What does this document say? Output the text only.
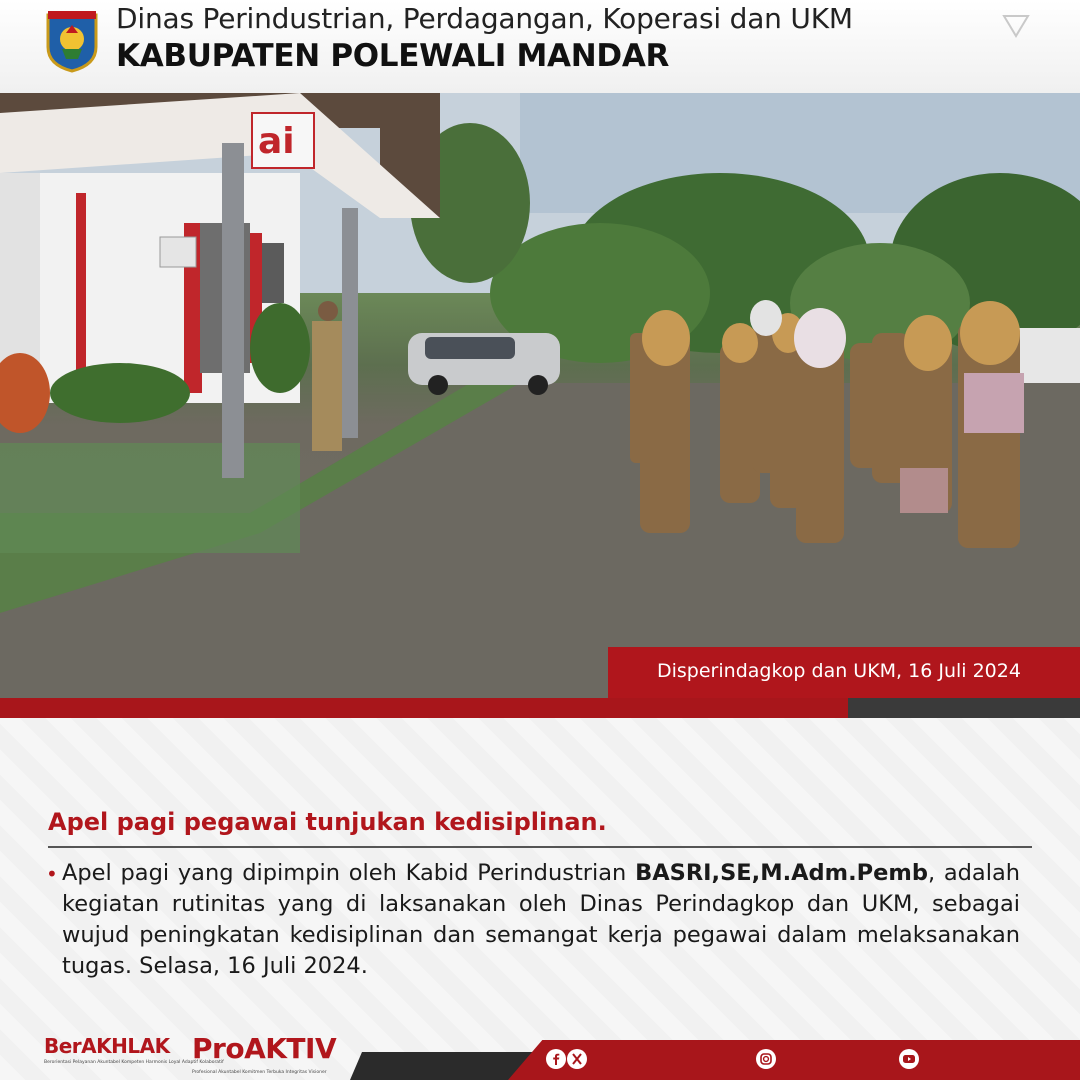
Dinas Perindustrian, Perdagangan, Koperasi dan UKM
KABUPATEN POLEWALI MANDAR
ai
Disperindagkop dan UKM, 16 Juli 2024
Apel pagi pegawai tunjukan kedisiplinan.
• Apel pagi yang dipimpin oleh Kabid Perindustrian BASRI,SE,M.Adm.Pemb, adalah kegiatan rutinitas yang di laksanakan oleh Dinas Perindagkop dan UKM, sebagai wujud peningkatan kedisiplinan dan semangat kerja pegawai dalam melaksanakan tugas. Selasa, 16 Juli 2024.
BerAKHLAK
Berorientasi Pelayanan Akuntabel Kompeten Harmonis Loyal Adaptif Kolaboratif
ProAKTIV
Profesional Akuntabel Komitmen Terbuka Integritas Visioner
